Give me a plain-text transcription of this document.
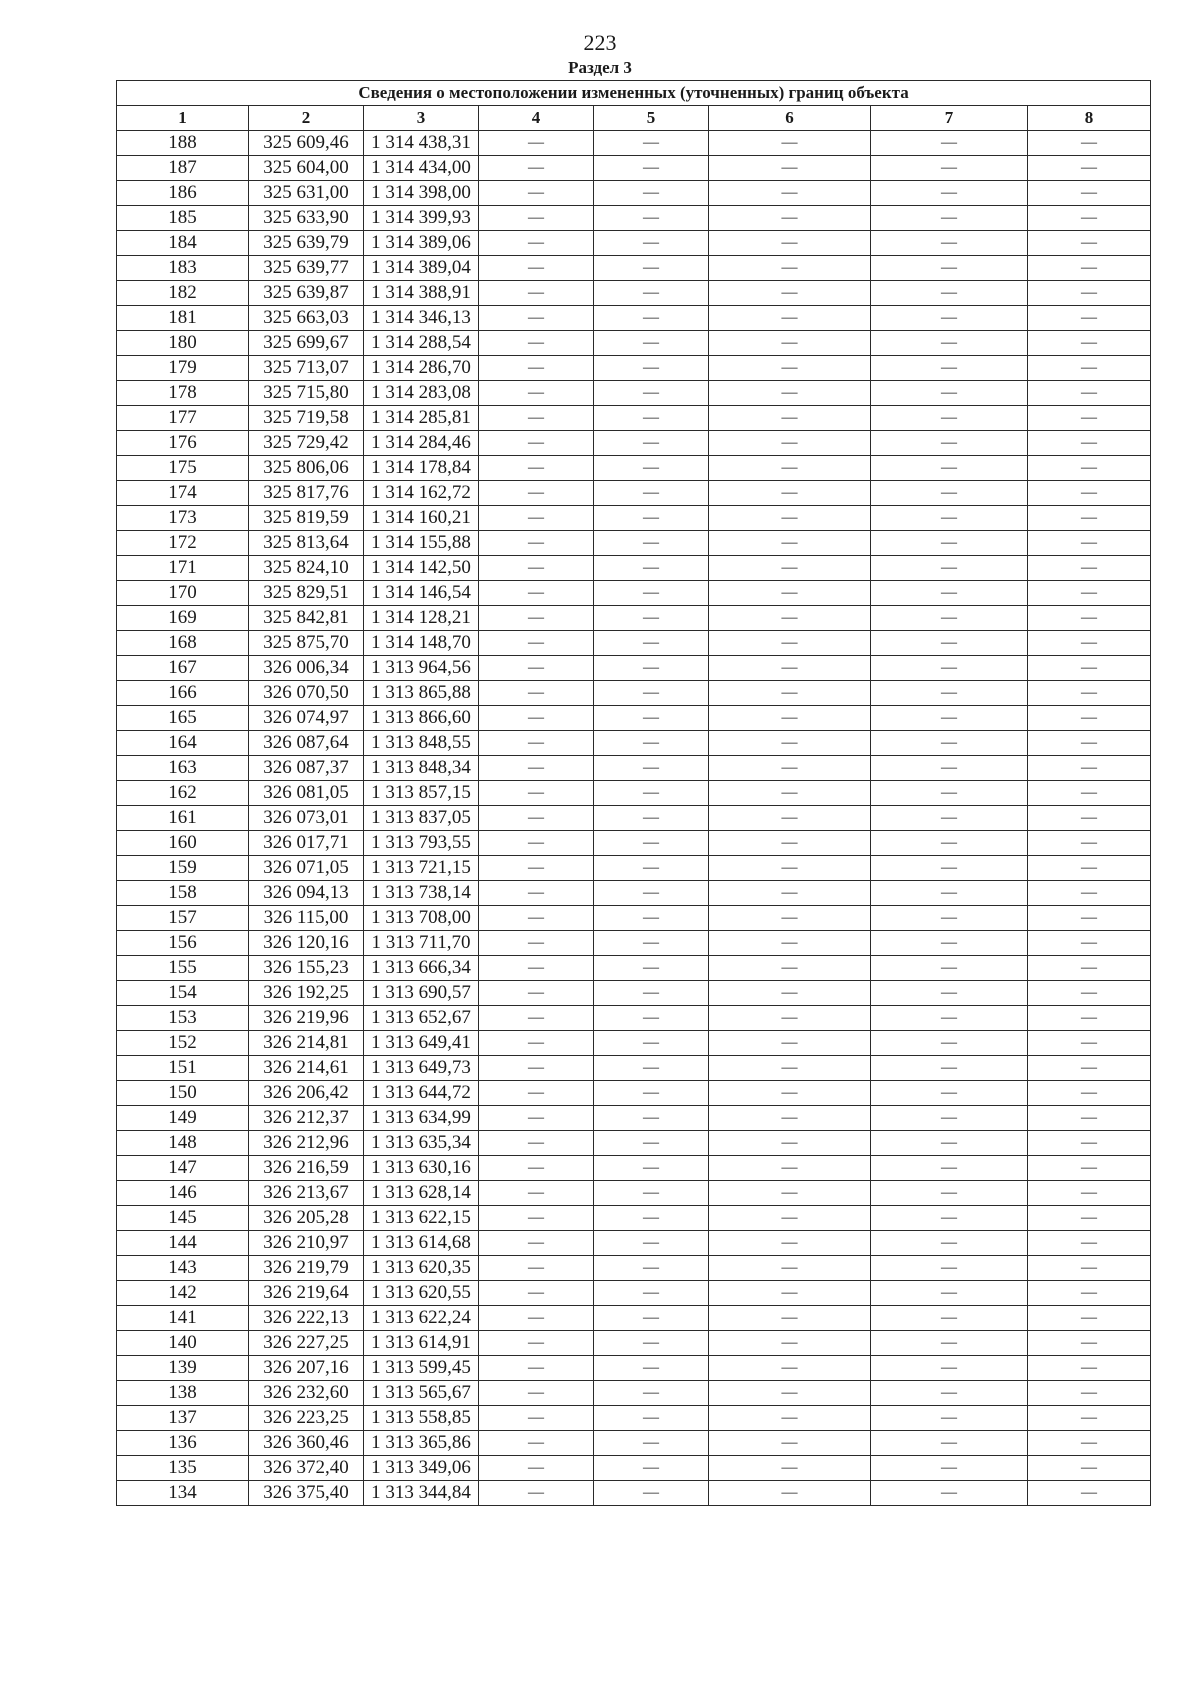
223
Раздел 3
Сведения о местоположении измененных (уточненных) границ объекта							
1	2	3	4	5	6	7	8
188	325 609,46	1 314 438,31	—	—	—	—	—
187	325 604,00	1 314 434,00	—	—	—	—	—
186	325 631,00	1 314 398,00	—	—	—	—	—
185	325 633,90	1 314 399,93	—	—	—	—	—
184	325 639,79	1 314 389,06	—	—	—	—	—
183	325 639,77	1 314 389,04	—	—	—	—	—
182	325 639,87	1 314 388,91	—	—	—	—	—
181	325 663,03	1 314 346,13	—	—	—	—	—
180	325 699,67	1 314 288,54	—	—	—	—	—
179	325 713,07	1 314 286,70	—	—	—	—	—
178	325 715,80	1 314 283,08	—	—	—	—	—
177	325 719,58	1 314 285,81	—	—	—	—	—
176	325 729,42	1 314 284,46	—	—	—	—	—
175	325 806,06	1 314 178,84	—	—	—	—	—
174	325 817,76	1 314 162,72	—	—	—	—	—
173	325 819,59	1 314 160,21	—	—	—	—	—
172	325 813,64	1 314 155,88	—	—	—	—	—
171	325 824,10	1 314 142,50	—	—	—	—	—
170	325 829,51	1 314 146,54	—	—	—	—	—
169	325 842,81	1 314 128,21	—	—	—	—	—
168	325 875,70	1 314 148,70	—	—	—	—	—
167	326 006,34	1 313 964,56	—	—	—	—	—
166	326 070,50	1 313 865,88	—	—	—	—	—
165	326 074,97	1 313 866,60	—	—	—	—	—
164	326 087,64	1 313 848,55	—	—	—	—	—
163	326 087,37	1 313 848,34	—	—	—	—	—
162	326 081,05	1 313 857,15	—	—	—	—	—
161	326 073,01	1 313 837,05	—	—	—	—	—
160	326 017,71	1 313 793,55	—	—	—	—	—
159	326 071,05	1 313 721,15	—	—	—	—	—
158	326 094,13	1 313 738,14	—	—	—	—	—
157	326 115,00	1 313 708,00	—	—	—	—	—
156	326 120,16	1 313 711,70	—	—	—	—	—
155	326 155,23	1 313 666,34	—	—	—	—	—
154	326 192,25	1 313 690,57	—	—	—	—	—
153	326 219,96	1 313 652,67	—	—	—	—	—
152	326 214,81	1 313 649,41	—	—	—	—	—
151	326 214,61	1 313 649,73	—	—	—	—	—
150	326 206,42	1 313 644,72	—	—	—	—	—
149	326 212,37	1 313 634,99	—	—	—	—	—
148	326 212,96	1 313 635,34	—	—	—	—	—
147	326 216,59	1 313 630,16	—	—	—	—	—
146	326 213,67	1 313 628,14	—	—	—	—	—
145	326 205,28	1 313 622,15	—	—	—	—	—
144	326 210,97	1 313 614,68	—	—	—	—	—
143	326 219,79	1 313 620,35	—	—	—	—	—
142	326 219,64	1 313 620,55	—	—	—	—	—
141	326 222,13	1 313 622,24	—	—	—	—	—
140	326 227,25	1 313 614,91	—	—	—	—	—
139	326 207,16	1 313 599,45	—	—	—	—	—
138	326 232,60	1 313 565,67	—	—	—	—	—
137	326 223,25	1 313 558,85	—	—	—	—	—
136	326 360,46	1 313 365,86	—	—	—	—	—
135	326 372,40	1 313 349,06	—	—	—	—	—
134	326 375,40	1 313 344,84	—	—	—	—	—
